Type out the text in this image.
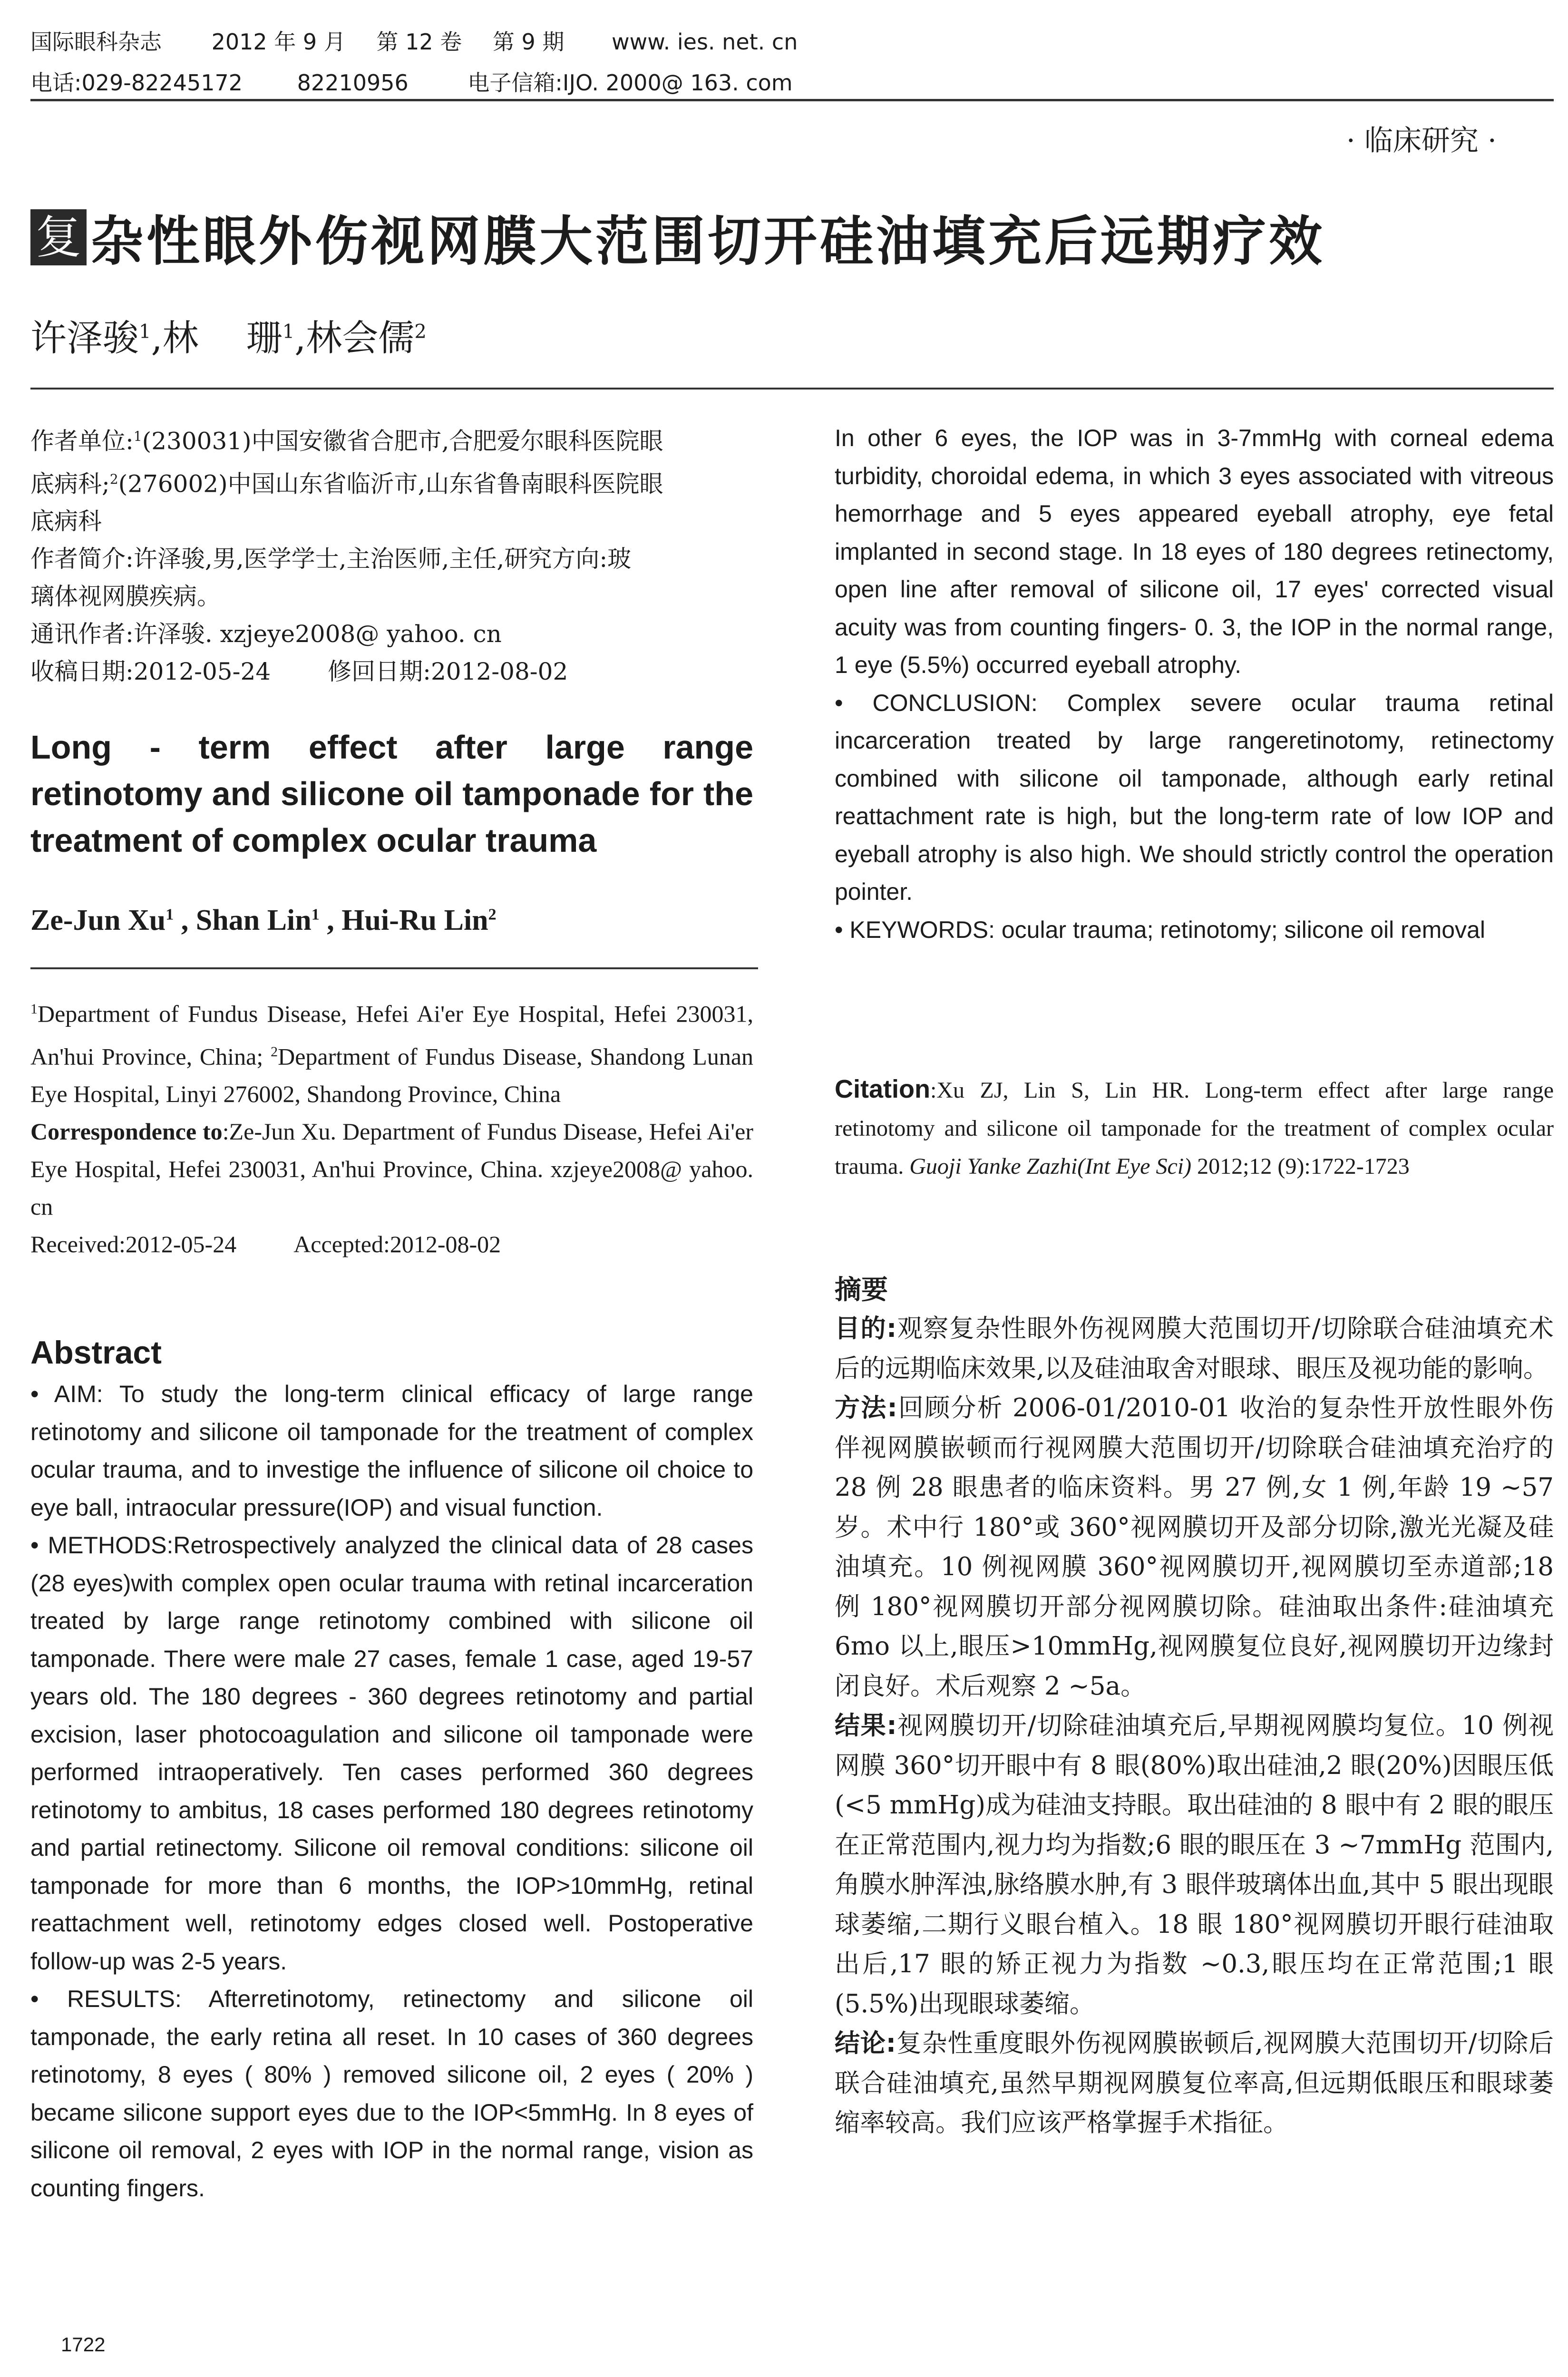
国际眼科杂志 2012 年 9 月 第 12 卷 第 9 期 www. ies. net. cn
电话:029-82245172 82210956	电子信箱:IJO. 2000@ 163. com
· 临床研究 ·
复 杂性眼外伤视网膜大范围切开硅油填充后远期疗效
许泽骏$^1$,林　 珊$^1$,林会儒$^2$

作者单位:$^1$(230031)中国安徽省合肥市,合肥爱尔眼科医院眼

底病科;$^2$(276002)中国山东省临沂市,山东省鲁南眼科医院眼

底病科

作者简介:许泽骏,男,医学学士,主治医师,主任,研究方向:玻

璃体视网膜疾病。

通讯作者:许泽骏. xzjeye2008@ yahoo. cn

收稿日期:2012-05-24 修回日期:2012-08-02

Long - term effect after large range retinotomy and silicone oil tamponade for the treatment of complex ocular trauma

Ze-Jun Xu$^1$ , Shan Lin$^1$ , Hui-Ru Lin$^2$

$^1$Department of Fundus Disease, Hefei Ai'er Eye Hospital, Hefei 230031, An'hui Province, China; $^2$Department of Fundus Disease, Shandong Lunan Eye Hospital, Linyi 276002, Shandong Province, China

Correspondence to:Ze-Jun Xu. Department of Fundus Disease, Hefei Ai'er Eye Hospital, Hefei 230031, An'hui Province, China. xzjeye2008@ yahoo. cn

Received:2012-05-24 Accepted:2012-08-02

Abstract

• AIM: To study the long-term clinical efficacy of large range retinotomy and silicone oil tamponade for the treatment of complex ocular trauma, and to investige the influence of silicone oil choice to eye ball, intraocular pressure(IOP) and visual function.

• METHODS:Retrospectively analyzed the clinical data of 28 cases (28 eyes)with complex open ocular trauma with retinal incarceration treated by large range retinotomy combined with silicone oil tamponade. There were male 27 cases, female 1 case, aged 19-57 years old. The 180 degrees - 360 degrees retinotomy and partial excision, laser photocoagulation and silicone oil tamponade were performed intraoperatively. Ten cases performed 360 degrees retinotomy to ambitus, 18 cases performed 180 degrees retinotomy and partial retinectomy. Silicone oil removal conditions: silicone oil tamponade for more than 6 months, the IOP>10mmHg, retinal reattachment well, retinotomy edges closed well. Postoperative follow-up was 2-5 years.

• RESULTS: Afterretinotomy, retinectomy and silicone oil tamponade, the early retina all reset. In 10 cases of 360 degrees retinotomy, 8 eyes ( 80% ) removed silicone oil, 2 eyes ( 20% ) became silicone support eyes due to the IOP<5mmHg. In 8 eyes of silicone oil removal, 2 eyes with IOP in the normal range, vision as counting fingers.

1722

In other 6 eyes, the IOP was in 3-7mmHg with corneal edema turbidity, choroidal edema, in which 3 eyes associated with vitreous hemorrhage and 5 eyes appeared eyeball atrophy, eye fetal implanted in second stage. In 18 eyes of 180 degrees retinectomy, open line after removal of silicone oil, 17 eyes' corrected visual acuity was from counting fingers- 0. 3, the IOP in the normal range, 1 eye (5.5%) occurred eyeball atrophy.

• CONCLUSION: Complex severe ocular trauma retinal incarceration treated by large rangeretinotomy, retinectomy combined with silicone oil tamponade, although early retinal reattachment rate is high, but the long-term rate of low IOP and eyeball atrophy is also high. We should strictly control the operation pointer.

• KEYWORDS: ocular trauma; retinotomy; silicone oil removal

Citation:Xu ZJ, Lin S, Lin HR. Long-term effect after large range retinotomy and silicone oil tamponade for the treatment of complex ocular trauma. Guoji Yanke Zazhi(Int Eye Sci) 2012;12 (9):1722-1723

摘要

目的:观察复杂性眼外伤视网膜大范围切开/切除联合硅油填充术后的远期临床效果,以及硅油取舍对眼球、眼压及视功能的影响。

方法:回顾分析 2006-01/2010-01 收治的复杂性开放性眼外伤伴视网膜嵌顿而行视网膜大范围切开/切除联合硅油填充治疗的 28 例 28 眼患者的临床资料。男 27 例,女 1 例,年龄 19 ~57 岁。术中行 180°或 360°视网膜切开及部分切除,激光光凝及硅油填充。10 例视网膜 360°视网膜切开,视网膜切至赤道部;18 例 180°视网膜切开部分视网膜切除。硅油取出条件:硅油填充 6mo 以上,眼压>10mmHg,视网膜复位良好,视网膜切开边缘封闭良好。术后观察 2 ~5a。

结果:视网膜切开/切除硅油填充后,早期视网膜均复位。10 例视网膜 360°切开眼中有 8 眼(80%)取出硅油,2 眼(20%)因眼压低(<5 mmHg)成为硅油支持眼。取出硅油的 8 眼中有 2 眼的眼压在正常范围内,视力均为指数;6 眼的眼压在 3 ~7mmHg 范围内,角膜水肿浑浊,脉络膜水肿,有 3 眼伴玻璃体出血,其中 5 眼出现眼球萎缩,二期行义眼台植入。18 眼 180°视网膜切开眼行硅油取出后,17 眼的矫正视力为指数 ~0.3,眼压均在正常范围;1 眼(5.5%)出现眼球萎缩。

结论:复杂性重度眼外伤视网膜嵌顿后,视网膜大范围切开/切除后联合硅油填充,虽然早期视网膜复位率高,但远期低眼压和眼球萎缩率较高。我们应该严格掌握手术指征。
